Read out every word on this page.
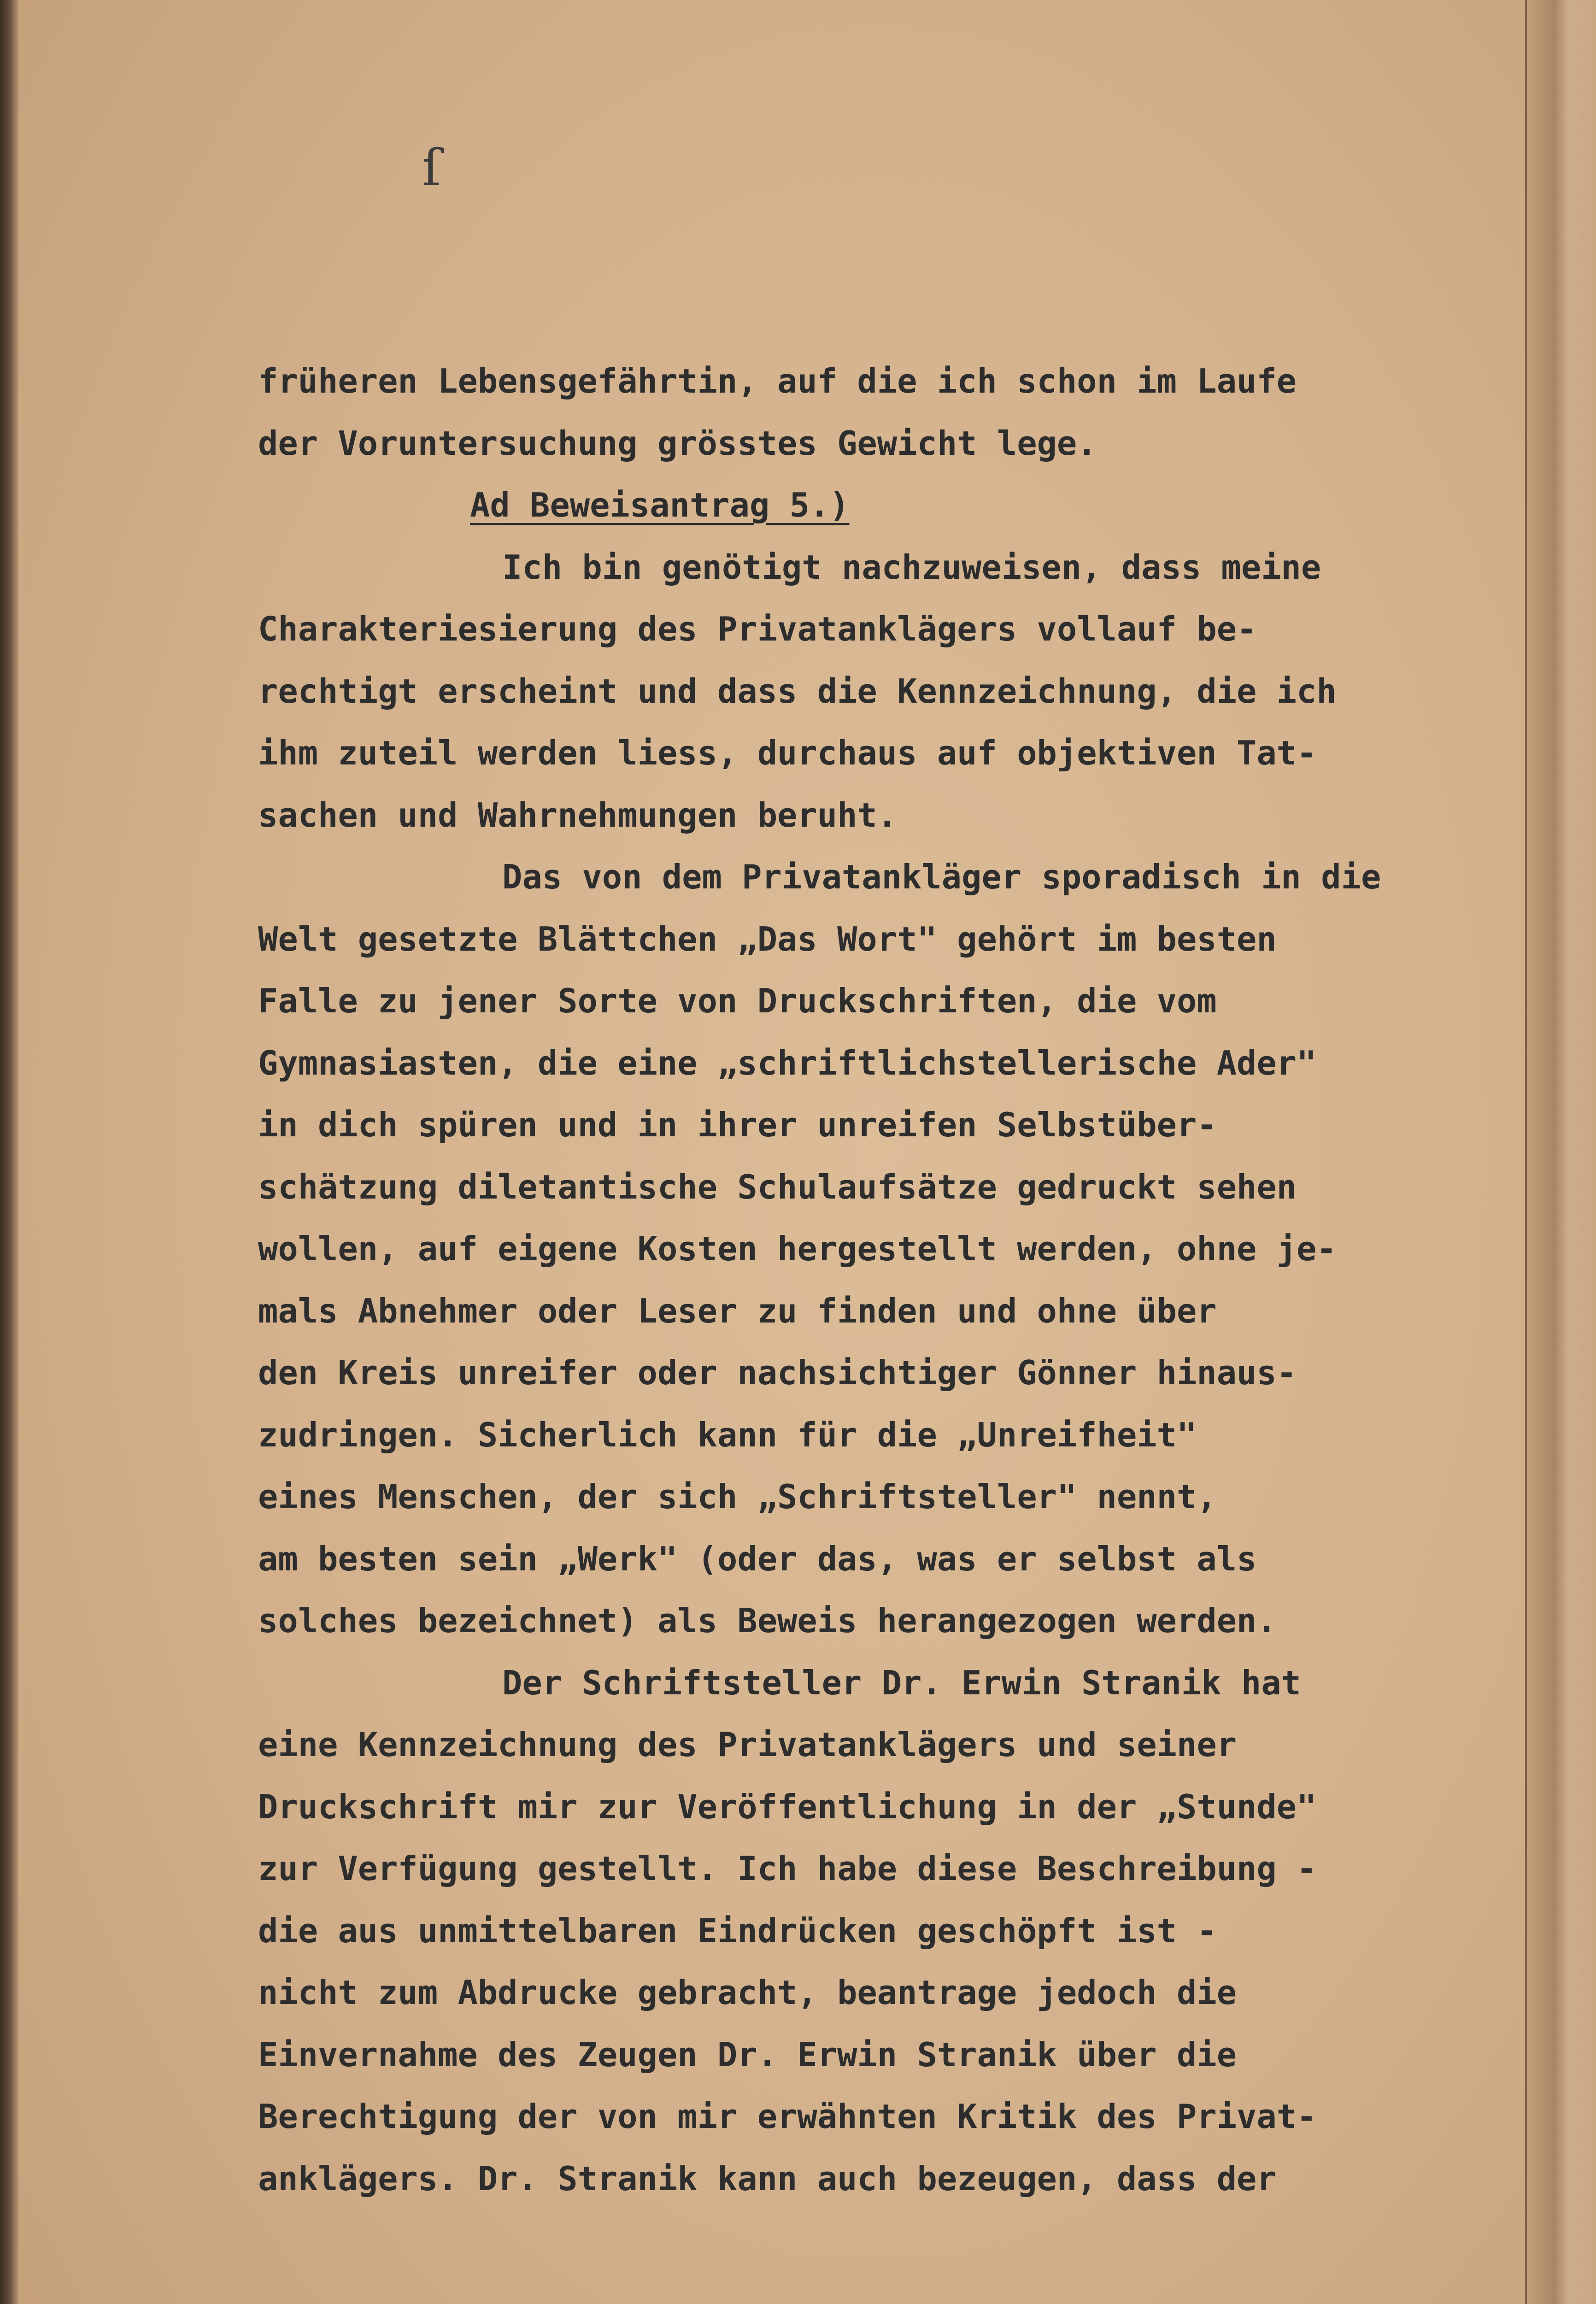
ſ
früheren Lebensgefährtin, auf die ich schon im Laufe
der Voruntersuchung grösstes Gewicht lege.
Ad Beweisantrag 5.)
Ich bin genötigt nachzuweisen, dass meine
Charakteriesierung des Privatanklägers vollauf be-
rechtigt erscheint und dass die Kennzeichnung, die ich
ihm zuteil werden liess, durchaus auf objektiven Tat-
sachen und Wahrnehmungen beruht.
Das von dem Privatankläger sporadisch in die
Welt gesetzte Blättchen „Das Wort" gehört im besten
Falle zu jener Sorte von Druckschriften, die vom
Gymnasiasten, die eine „schriftlichstellerische Ader"
in dich spüren und in ihrer unreifen Selbstüber-
schätzung diletantische Schulaufsätze gedruckt sehen
wollen, auf eigene Kosten hergestellt werden, ohne je-
mals Abnehmer oder Leser zu finden und ohne über
den Kreis unreifer oder nachsichtiger Gönner hinaus-
zudringen. Sicherlich kann für die „Unreifheit"
eines Menschen, der sich „Schriftsteller" nennt,
am besten sein „Werk" (oder das, was er selbst als
solches bezeichnet) als Beweis herangezogen werden.
Der Schriftsteller Dr. Erwin Stranik hat
eine Kennzeichnung des Privatanklägers und seiner
Druckschrift mir zur Veröffentlichung in der „Stunde"
zur Verfügung gestellt. Ich habe diese Beschreibung -
die aus unmittelbaren Eindrücken geschöpft ist -
nicht zum Abdrucke gebracht, beantrage jedoch die
Einvernahme des Zeugen Dr. Erwin Stranik über die
Berechtigung der von mir erwähnten Kritik des Privat-
anklägers. Dr. Stranik kann auch bezeugen, dass der
